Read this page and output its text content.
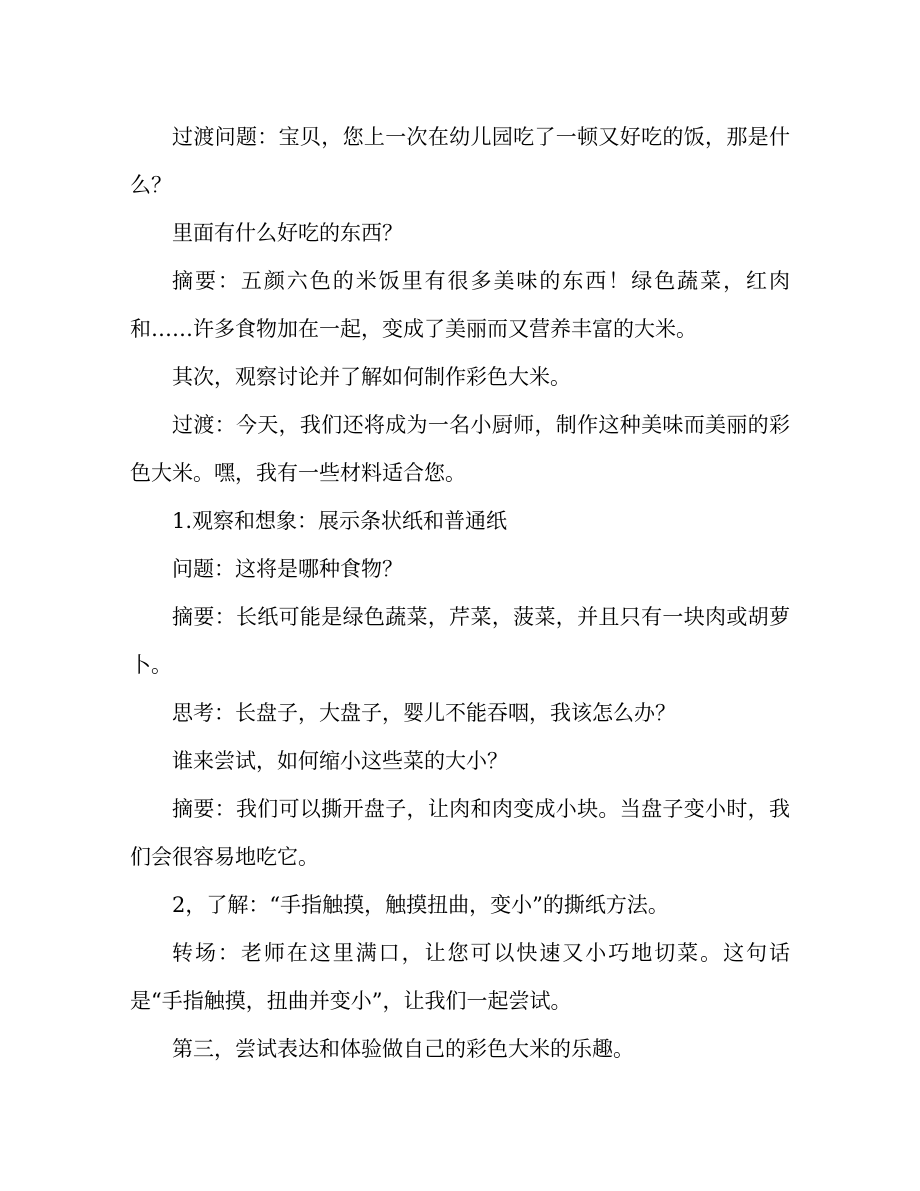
过渡问题：宝贝，您上一次在幼儿园吃了一顿又好吃的饭，那是什么？

里面有什么好吃的东西？

摘要：五颜六色的米饭里有很多美味的东西！绿色蔬菜，红肉和……许多食物加在一起，变成了美丽而又营养丰富的大米。

其次，观察讨论并了解如何制作彩色大米。

过渡：今天，我们还将成为一名小厨师，制作这种美味而美丽的彩色大米。嘿，我有一些材料适合您。

1.观察和想象：展示条状纸和普通纸

问题：这将是哪种食物？

摘要：长纸可能是绿色蔬菜，芹菜，菠菜，并且只有一块肉或胡萝卜。

思考：长盘子，大盘子，婴儿不能吞咽，我该怎么办？

谁来尝试，如何缩小这些菜的大小？

摘要：我们可以撕开盘子，让肉和肉变成小块。当盘子变小时，我们会很容易地吃它。

2，了解：“手指触摸，触摸扭曲，变小”的撕纸方法。

转场：老师在这里满口，让您可以快速又小巧地切菜。这句话是“手指触摸，扭曲并变小”，让我们一起尝试。

第三，尝试表达和体验做自己的彩色大米的乐趣。
